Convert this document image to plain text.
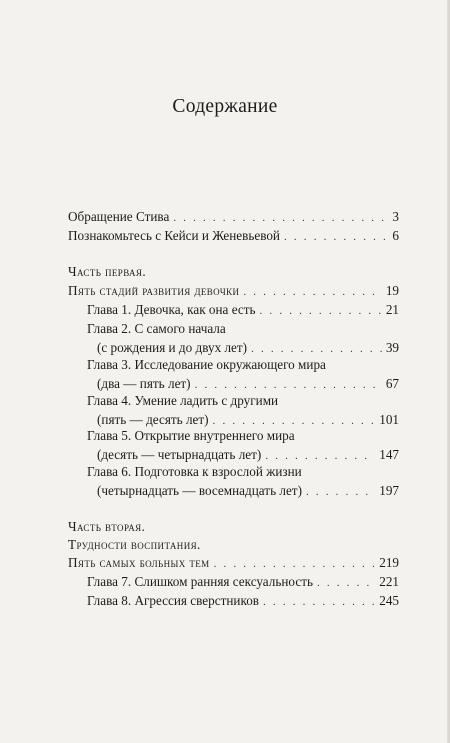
Содержание
Обращение Стива . . .	3
Познакомьтесь с Кейси и Женевьевой . . .	6
Часть первая.
Пять стадий развития девочки . . .	19
Глава 1. Девочка, как она есть . . .	21
Глава 2. С самого начала
(с рождения и до двух лет) . . .	39
Глава 3. Исследование окружающего мира
(два — пять лет) . . .	67
Глава 4. Умение ладить с другими
(пять — десять лет) . . .	101
Глава 5. Открытие внутреннего мира
(десять — четырнадцать лет) . . .	147
Глава 6. Подготовка к взрослой жизни
(четырнадцать — восемнадцать лет) . . .	197
Часть вторая.
Трудности воспитания.
Пять самых больных тем . . .	219
Глава 7. Слишком ранняя сексуальность . . .	221
Глава 8. Агрессия сверстников . . .	245
